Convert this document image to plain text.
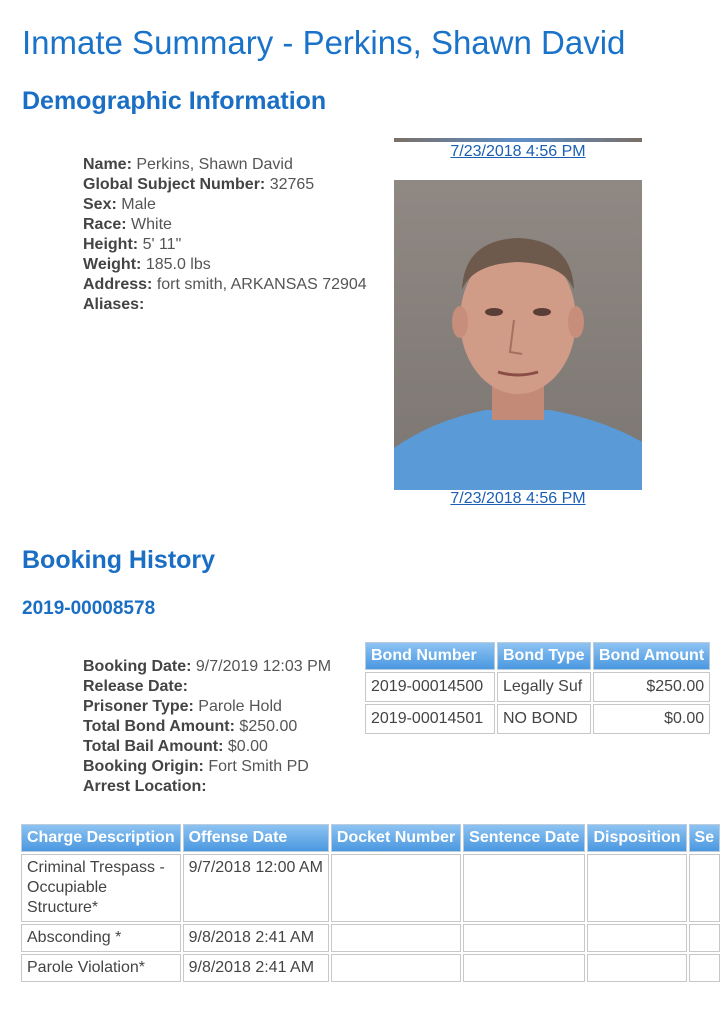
Inmate Summary - Perkins, Shawn David
Demographic Information
Name: Perkins, Shawn David
Global Subject Number: 32765
Sex: Male
Race: White
Height: 5' 11"
Weight: 185.0 lbs
Address: fort smith, ARKANSAS 72904
Aliases:
7/23/2018 4:56 PM
7/23/2018 4:56 PM
Booking History
2019-00008578
Booking Date: 9/7/2019 12:03 PM
Release Date:
Prisoner Type: Parole Hold
Total Bond Amount: $250.00
Total Bail Amount: $0.00
Booking Origin: Fort Smith PD
Arrest Location:
Bond Number	Bond Type	Bond Amount
2019-00014500	Legally Suf	$250.00
2019-00014501	NO BOND	$0.00
Charge Description	Offense Date	Docket Number	Sentence Date	Disposition	Se
Criminal Trespass - Occupiable Structure*	9/7/2018 12:00 AM				
Absconding *	9/8/2018 2:41 AM				
Parole Violation*	9/8/2018 2:41 AM				
